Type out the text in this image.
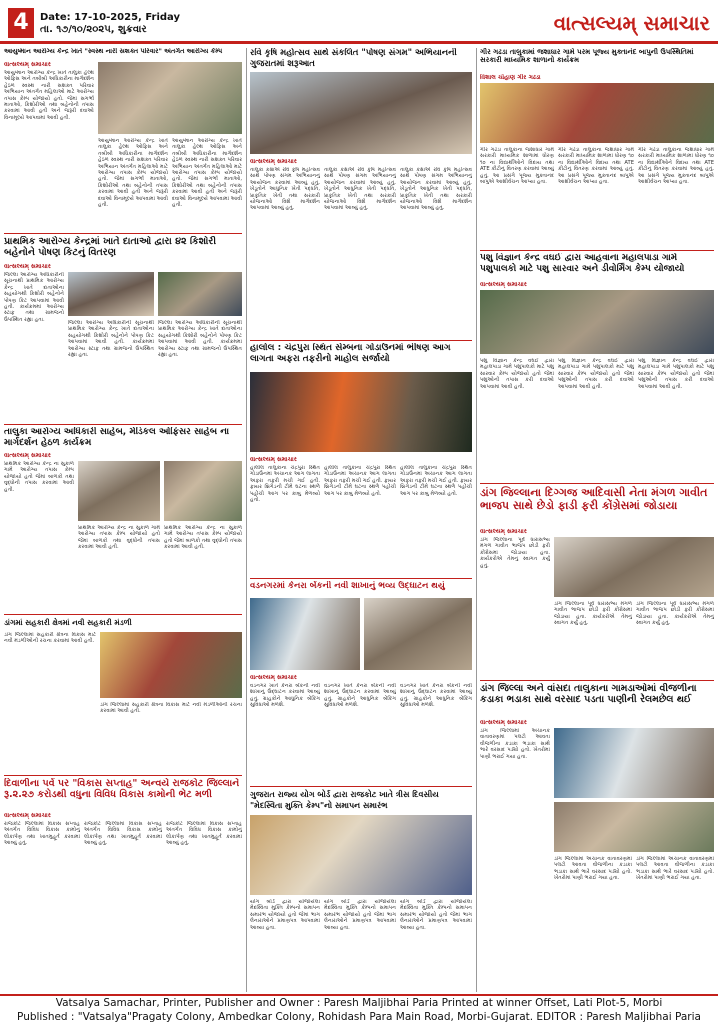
4	Date: 17-10-2025, Friday
તા. ૧૭/૧૦/૨૦૨૫, શુક્રવાર	વાત્સલ્યમ્ સમાચાર
આયુષ્માન આરોગ્ય કેન્દ્ર ખાતે "સ્વસ્થ નારી સશક્ત પરિવાર" અંતર્ગત આરોગ્ય કેમ્પ
વાત્સલ્યમ્ સમાચાર
આયુષ્માન આરોગ્ય કેન્દ્ર ખાતે તાલુકા હેલ્થ ઓફિસ અને તબીબી અધિકારીના માર્ગદર્શન હેઠળ સ્વસ્થ નારી સશક્ત પરિવાર અભિયાન અંતર્ગત મહિલાઓ માટે આરોગ્ય તપાસ કેમ્પ યોજાયો હતો. જેમાં સગર્ભા માતાઓ, કિશોરીઓ તથા બહેનોની તપાસ કરવામાં આવી હતી અને જરૂરી દવાઓ વિનામૂલ્યે આપવામાં આવી હતી.
આયુષ્માન આરોગ્ય કેન્દ્ર ખાતે તાલુકા હેલ્થ ઓફિસ અને તબીબી અધિકારીના માર્ગદર્શન હેઠળ સ્વસ્થ નારી સશક્ત પરિવાર અભિયાન અંતર્ગત મહિલાઓ માટે આરોગ્ય તપાસ કેમ્પ યોજાયો હતો. જેમાં સગર્ભા માતાઓ, કિશોરીઓ તથા બહેનોની તપાસ કરવામાં આવી હતી અને જરૂરી દવાઓ વિનામૂલ્યે આપવામાં આવી હતી.
આયુષ્માન આરોગ્ય કેન્દ્ર ખાતે તાલુકા હેલ્થ ઓફિસ અને તબીબી અધિકારીના માર્ગદર્શન હેઠળ સ્વસ્થ નારી સશક્ત પરિવાર અભિયાન અંતર્ગત મહિલાઓ માટે આરોગ્ય તપાસ કેમ્પ યોજાયો હતો. જેમાં સગર્ભા માતાઓ, કિશોરીઓ તથા બહેનોની તપાસ કરવામાં આવી હતી અને જરૂરી દવાઓ વિનામૂલ્યે આપવામાં આવી હતી.
પ્રાથમિક આરોગ્ય કેન્દ્રમાં ખાતે દાતાઓ દ્વારા ૪૨ કિશોરી બહેનોને પોષણ કિટનું વિતરણ
વાત્સલ્યમ્ સમાચાર
જિલ્લા આરોગ્ય અધિકારીની સૂચનાથી પ્રાથમિક આરોગ્ય કેન્દ્ર ખાતે દાતાઓના સહયોગથી કિશોરી બહેનોને પોષણ કિટ આપવામાં આવી હતી. કાર્યક્રમમાં આરોગ્ય સ્ટાફ તથા ગ્રામજનો ઉપસ્થિત રહ્યા હતા.
જિલ્લા આરોગ્ય અધિકારીની સૂચનાથી પ્રાથમિક આરોગ્ય કેન્દ્ર ખાતે દાતાઓના સહયોગથી કિશોરી બહેનોને પોષણ કિટ આપવામાં આવી હતી. કાર્યક્રમમાં આરોગ્ય સ્ટાફ તથા ગ્રામજનો ઉપસ્થિત રહ્યા હતા.
જિલ્લા આરોગ્ય અધિકારીની સૂચનાથી પ્રાથમિક આરોગ્ય કેન્દ્ર ખાતે દાતાઓના સહયોગથી કિશોરી બહેનોને પોષણ કિટ આપવામાં આવી હતી. કાર્યક્રમમાં આરોગ્ય સ્ટાફ તથા ગ્રામજનો ઉપસ્થિત રહ્યા હતા.
તાલુકા આરોગ્ય અધિકારી સાહેબ, મેડિકલ ઓફિસર સાહેબ ના માર્ગદર્શન હેઠળ કાર્યક્રમ
વાત્સલ્યમ્ સમાચાર
પ્રાથમિક આરોગ્ય કેન્દ્ર ના સુકાળ ગામે આરોગ્ય તપાસ કેમ્પ યોજાયો હતો જેમાં બાળકો તથા વૃદ્ધોની તપાસ કરવામાં આવી હતી.
પ્રાથમિક આરોગ્ય કેન્દ્ર ના સુકાળ ગામે આરોગ્ય તપાસ કેમ્પ યોજાયો હતો જેમાં બાળકો તથા વૃદ્ધોની તપાસ કરવામાં આવી હતી.
પ્રાથમિક આરોગ્ય કેન્દ્ર ના સુકાળ ગામે આરોગ્ય તપાસ કેમ્પ યોજાયો હતો જેમાં બાળકો તથા વૃદ્ધોની તપાસ કરવામાં આવી હતી.
ડાંગમાં સહકારી ક્ષેત્રમાં નવી સહકારી મંડળી
ડાંગ જિલ્લામાં સહકારી ક્ષેત્રના વિકાસ માટે નવી મંડળીઓની રચના કરવામાં આવી હતી.
ડાંગ જિલ્લામાં સહકારી ક્ષેત્રના વિકાસ માટે નવી મંડળીઓની રચના કરવામાં આવી હતી.
દિવાળીના પર્વ પર "વિકાસ સપ્તાહ" અન્વયે રાજકોટ જિલ્લાને રૂ.૨.૨૭ કરોડથી વધુના વિવિધ વિકાસ કામોની ભેટ મળી
વાત્સલ્યમ્ સમાચાર
રાજકોટ જિલ્લામાં વિકાસ સપ્તાહ અંતર્ગત વિવિધ વિકાસ કામોનું લોકાર્પણ તથા ખાતમુહૂર્ત કરવામાં આવ્યું હતું.
રાજકોટ જિલ્લામાં વિકાસ સપ્તાહ અંતર્ગત વિવિધ વિકાસ કામોનું લોકાર્પણ તથા ખાતમુહૂર્ત કરવામાં આવ્યું હતું.
રાજકોટ જિલ્લામાં વિકાસ સપ્તાહ અંતર્ગત વિવિધ વિકાસ કામોનું લોકાર્પણ તથા ખાતમુહૂર્ત કરવામાં આવ્યું હતું.
રવિ કૃષિ મહોત્સવ સાથે સંકલિત "પોષણ સંગમ" અભિયાનની ગુજરાતમાં શરૂઆત
વાત્સલ્યમ્ સમાચાર
તાલુકા કક્ષાએ રવિ કૃષિ મહોત્સવ સાથે પોષણ સંગમ અભિયાનનું આયોજન કરવામાં આવ્યું હતું. ખેડૂતોને આધુનિક ખેતી પદ્ધતિ, પ્રાકૃતિક ખેતી તથા સરકારી યોજનાઓ વિશે માર્ગદર્શન આપવામાં આવ્યું હતું.
તાલુકા કક્ષાએ રવિ કૃષિ મહોત્સવ સાથે પોષણ સંગમ અભિયાનનું આયોજન કરવામાં આવ્યું હતું. ખેડૂતોને આધુનિક ખેતી પદ્ધતિ, પ્રાકૃતિક ખેતી તથા સરકારી યોજનાઓ વિશે માર્ગદર્શન આપવામાં આવ્યું હતું.
તાલુકા કક્ષાએ રવિ કૃષિ મહોત્સવ સાથે પોષણ સંગમ અભિયાનનું આયોજન કરવામાં આવ્યું હતું. ખેડૂતોને આધુનિક ખેતી પદ્ધતિ, પ્રાકૃતિક ખેતી તથા સરકારી યોજનાઓ વિશે માર્ગદર્શન આપવામાં આવ્યું હતું.
હાલોલ : ચંદ્રપુરા સ્થિત સેમ્બના ગોડાઉનમાં ભીષણ આગ લાગતા અફરા તફરીનો માહોલ સર્જાયો
વાત્સલ્યમ્ સમાચાર
હાલોલ તાલુકાના ચંદ્રપુરા સ્થિત ગોડાઉનમાં અચાનક આગ લાગતા અફરા તફરી મચી ગઈ હતી. ફાયર બ્રિગેડની ટીમે ઘટના સ્થળે પહોંચી આગ પર કાબુ મેળવ્યો હતો.
હાલોલ તાલુકાના ચંદ્રપુરા સ્થિત ગોડાઉનમાં અચાનક આગ લાગતા અફરા તફરી મચી ગઈ હતી. ફાયર બ્રિગેડની ટીમે ઘટના સ્થળે પહોંચી આગ પર કાબુ મેળવ્યો હતો.
હાલોલ તાલુકાના ચંદ્રપુરા સ્થિત ગોડાઉનમાં અચાનક આગ લાગતા અફરા તફરી મચી ગઈ હતી. ફાયર બ્રિગેડની ટીમે ઘટના સ્થળે પહોંચી આગ પર કાબુ મેળવ્યો હતો.
વડનગરમાં કેનરા બેંકની નવી શાખાનું ભવ્ય ઉદ્ઘાટન થયું
વાત્સલ્યમ્ સમાચાર
વડનગર ખાતે કેનરા બેંકની નવી શાખાનું ઉદ્ઘાટન કરવામાં આવ્યું હતું. ગ્રાહકોને આધુનિક બેંકિંગ સુવિધાઓ મળશે.
વડનગર ખાતે કેનરા બેંકની નવી શાખાનું ઉદ્ઘાટન કરવામાં આવ્યું હતું. ગ્રાહકોને આધુનિક બેંકિંગ સુવિધાઓ મળશે.
વડનગર ખાતે કેનરા બેંકની નવી શાખાનું ઉદ્ઘાટન કરવામાં આવ્યું હતું. ગ્રાહકોને આધુનિક બેંકિંગ સુવિધાઓ મળશે.
ગુજરાત રાજ્ય યોગ બોર્ડ દ્વારા રાજકોટ ખાતે ત્રીસ દિવસીય "મેદસ્વિતા મુક્તિ કેમ્પ"નો સમાપન સમારંભ
યોગ બોર્ડ દ્વારા યોજાયેલા મેદસ્વિતા મુક્તિ કેમ્પનો સમાપન સમારંભ યોજાયો હતો જેમાં ભાગ લેનારાઓને પ્રમાણપત્ર આપવામાં આવ્યા હતા.
યોગ બોર્ડ દ્વારા યોજાયેલા મેદસ્વિતા મુક્તિ કેમ્પનો સમાપન સમારંભ યોજાયો હતો જેમાં ભાગ લેનારાઓને પ્રમાણપત્ર આપવામાં આવ્યા હતા.
યોગ બોર્ડ દ્વારા યોજાયેલા મેદસ્વિતા મુક્તિ કેમ્પનો સમાપન સમારંભ યોજાયો હતો જેમાં ભાગ લેનારાઓને પ્રમાણપત્ર આપવામાં આવ્યા હતા.
ગીર ગઢડા તાલુકામાં જશાધાર ગામે પરમ પૂજ્ય મુક્તાનંદ બાપુની ઉપસ્થિતિમાં સરકારી માધ્યમિક શાળાનો કાર્યક્રમ
વિશાલ ચૌહાણ ગીર ગઢડા
ગીર ગઢડા તાલુકાના જશાધાર ગામે સરકારી માધ્યમિક શાળામાં ધોરણ ૧૦ ના વિદ્યાર્થીઓને વિદાય તથા ATE કીટોનું વિતરણ કરવામાં આવ્યું હતું. આ પ્રસંગે પૂજ્ય મુક્તાનંદ બાપુએ આશીર્વચન આપ્યા હતા.
ગીર ગઢડા તાલુકાના જશાધાર ગામે સરકારી માધ્યમિક શાળામાં ધોરણ ૧૦ ના વિદ્યાર્થીઓને વિદાય તથા ATE કીટોનું વિતરણ કરવામાં આવ્યું હતું. આ પ્રસંગે પૂજ્ય મુક્તાનંદ બાપુએ આશીર્વચન આપ્યા હતા.
ગીર ગઢડા તાલુકાના જશાધાર ગામે સરકારી માધ્યમિક શાળામાં ધોરણ ૧૦ ના વિદ્યાર્થીઓને વિદાય તથા ATE કીટોનું વિતરણ કરવામાં આવ્યું હતું. આ પ્રસંગે પૂજ્ય મુક્તાનંદ બાપુએ આશીર્વચન આપ્યા હતા.
પશુ વિજ્ઞાન કેન્દ્ર વઘઈ દ્વારા આહવાના મહાલપાડા ગામે પશુપાલકો માટે પશુ સારવાર અને ડીવોર્મિંગ કેમ્પ યોજાયો
વાત્સલ્યમ્ સમાચાર
પશુ વિજ્ઞાન કેન્દ્ર વઘઈ દ્વારા મહાલપાડા ગામે પશુપાલકો માટે પશુ સારવાર કેમ્પ યોજાયો હતો જેમાં પશુઓની તપાસ કરી દવાઓ આપવામાં આવી હતી.
પશુ વિજ્ઞાન કેન્દ્ર વઘઈ દ્વારા મહાલપાડા ગામે પશુપાલકો માટે પશુ સારવાર કેમ્પ યોજાયો હતો જેમાં પશુઓની તપાસ કરી દવાઓ આપવામાં આવી હતી.
પશુ વિજ્ઞાન કેન્દ્ર વઘઈ દ્વારા મહાલપાડા ગામે પશુપાલકો માટે પશુ સારવાર કેમ્પ યોજાયો હતો જેમાં પશુઓની તપાસ કરી દવાઓ આપવામાં આવી હતી.
ડાંગ જિલ્લાના દિગ્ગજ આદિવાસી નેતા મંગળ ગાવીત ભાજપ સાથે છેડો ફાડી ફરી કોંગ્રેસમાં જોડાયા
વાત્સલ્યમ્ સમાચાર
ડાંગ જિલ્લાના પૂર્વ ધારાસભ્ય મંગળ ગાવીત ભાજપ છોડી ફરી કોંગ્રેસમાં જોડાયા હતા. કાર્યકરોએ તેમનું સ્વાગત કર્યું હતું.
ડાંગ જિલ્લાના પૂર્વ ધારાસભ્ય મંગળ ગાવીત ભાજપ છોડી ફરી કોંગ્રેસમાં જોડાયા હતા. કાર્યકરોએ તેમનું સ્વાગત કર્યું હતું.
ડાંગ જિલ્લાના પૂર્વ ધારાસભ્ય મંગળ ગાવીત ભાજપ છોડી ફરી કોંગ્રેસમાં જોડાયા હતા. કાર્યકરોએ તેમનું સ્વાગત કર્યું હતું.
ડાંગ જિલ્લા અને વાંસદા તાલુકાના ગામડાઓમાં વીજળીના કડાકા ભડાકા સાથે વરસાદ પડતા પાણીની રેલમછેલ થઈ
વાત્સલ્યમ્ સમાચાર
ડાંગ જિલ્લામાં અચાનક વાતાવરણમાં પલટો આવતા વીજળીના કડાકા ભડાકા સાથે ભારે વરસાદ પડ્યો હતો. ખેતરોમાં પાણી ભરાઈ ગયા હતા.
ડાંગ જિલ્લામાં અચાનક વાતાવરણમાં પલટો આવતા વીજળીના કડાકા ભડાકા સાથે ભારે વરસાદ પડ્યો હતો. ખેતરોમાં પાણી ભરાઈ ગયા હતા.
ડાંગ જિલ્લામાં અચાનક વાતાવરણમાં પલટો આવતા વીજળીના કડાકા ભડાકા સાથે ભારે વરસાદ પડ્યો હતો. ખેતરોમાં પાણી ભરાઈ ગયા હતા.
Vatsalya Samachar, Printer, Publisher and Owner : Paresh Maljibhai Paria Printed at winner Offset, Lati Plot-5, Morbi
Published : "Vatsalya"Pragaty Colony, Ambedkar Colony, Rohidash Para Main Road, Morbi-Gujarat. EDITOR : Paresh Maljibhai Paria
